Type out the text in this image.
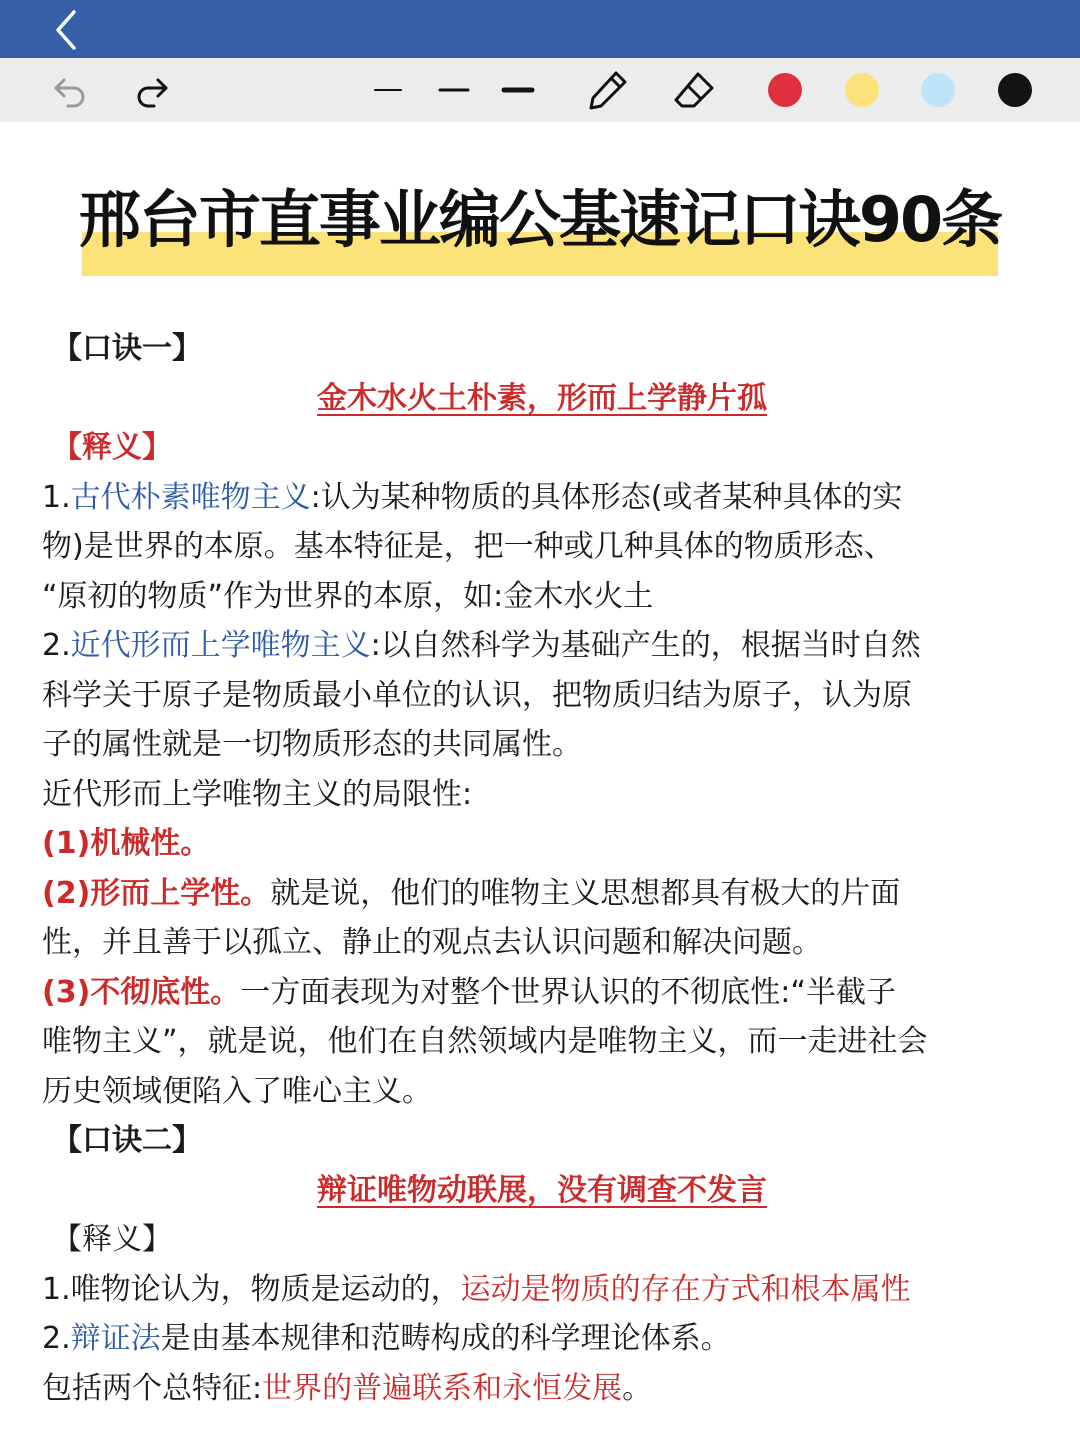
邢台市直事业编公基速记口诀90条
【口诀一】
金木水火土朴素，形而上学静片孤
【释义】
1.古代朴素唯物主义:认为某种物质的具体形态(或者某种具体的实
物)是世界的本原。基本特征是，把一种或几种具体的物质形态、
“原初的物质”作为世界的本原，如:金木水火土
2.近代形而上学唯物主义:以自然科学为基础产生的，根据当时自然
科学关于原子是物质最小单位的认识，把物质归结为原子，认为原
子的属性就是一切物质形态的共同属性。
近代形而上学唯物主义的局限性:
(1)机械性。
(2)形而上学性。就是说，他们的唯物主义思想都具有极大的片面
性，并且善于以孤立、静止的观点去认识问题和解决问题。
(3)不彻底性。一方面表现为对整个世界认识的不彻底性:“半截子
唯物主义”，就是说，他们在自然领域内是唯物主义，而一走进社会
历史领域便陷入了唯心主义。
【口诀二】
辩证唯物动联展，没有调查不发言
【释义】
1.唯物论认为，物质是运动的，运动是物质的存在方式和根本属性
2.辩证法是由基本规律和范畴构成的科学理论体系。
包括两个总特征:世界的普遍联系和永恒发展。
